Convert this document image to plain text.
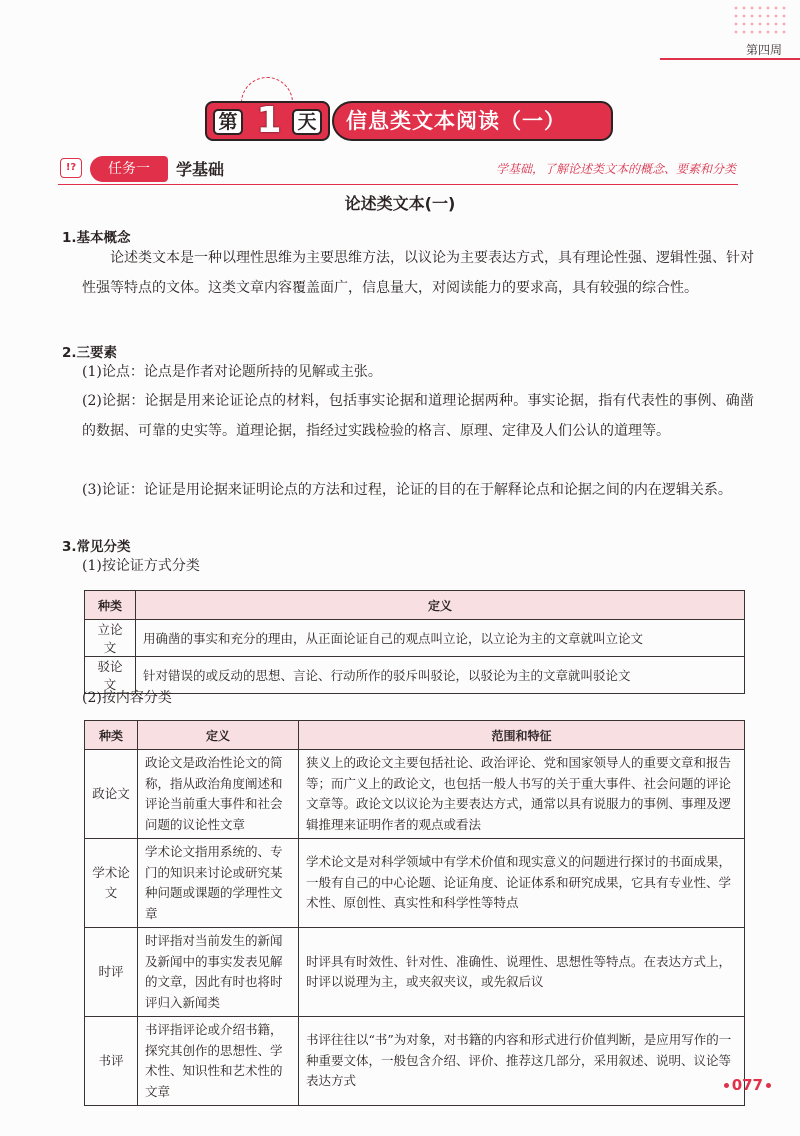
第四周
第 1 天	信息类文本阅读（一）
!?	任务一	学基础	学基础，了解论述类文本的概念、要素和分类
论述类文本(一)
1.基本概念

论述类文本是一种以理性思维为主要思维方法，以议论为主要表达方式，具有理论性强、逻辑性强、针对性强等特点的文体。这类文章内容覆盖面广，信息量大，对阅读能力的要求高，具有较强的综合性。

2.三要素

(1)论点：论点是作者对论题所持的见解或主张。

(2)论据：论据是用来论证论点的材料，包括事实论据和道理论据两种。事实论据，指有代表性的事例、确凿的数据、可靠的史实等。道理论据，指经过实践检验的格言、原理、定律及人们公认的道理等。

(3)论证：论证是用论据来证明论点的方法和过程，论证的目的在于解释论点和论据之间的内在逻辑关系。

3.常见分类

(1)按论证方式分类

种类	定义
立论文	用确凿的事实和充分的理由，从正面论证自己的观点叫立论，以立论为主的文章就叫立论文
驳论文	针对错误的或反动的思想、言论、行动所作的驳斥叫驳论，以驳论为主的文章就叫驳论文

(2)按内容分类

种类	定义	范围和特征
政论文	政论文是政治性论文的简称，指从政治角度阐述和评论当前重大事件和社会问题的议论性文章	狭义上的政论文主要包括社论、政治评论、党和国家领导人的重要文章和报告等；而广义上的政论文，也包括一般人书写的关于重大事件、社会问题的评论文章等。政论文以议论为主要表达方式，通常以具有说服力的事例、事理及逻辑推理来证明作者的观点或看法
学术论文	学术论文指用系统的、专门的知识来讨论或研究某种问题或课题的学理性文章	学术论文是对科学领域中有学术价值和现实意义的问题进行探讨的书面成果，一般有自己的中心论题、论证角度、论证体系和研究成果，它具有专业性、学术性、原创性、真实性和科学性等特点
时评	时评指对当前发生的新闻及新闻中的事实发表见解的文章，因此有时也将时评归入新闻类	时评具有时效性、针对性、准确性、说理性、思想性等特点。在表达方式上，时评以说理为主，或夹叙夹议，或先叙后议
书评	书评指评论或介绍书籍，探究其创作的思想性、学术性、知识性和艺术性的文章	书评往往以“书”为对象，对书籍的内容和形式进行价值判断，是应用写作的一种重要文体，一般包含介绍、评价、推荐这几部分，采用叙述、说明、议论等表达方式	077
